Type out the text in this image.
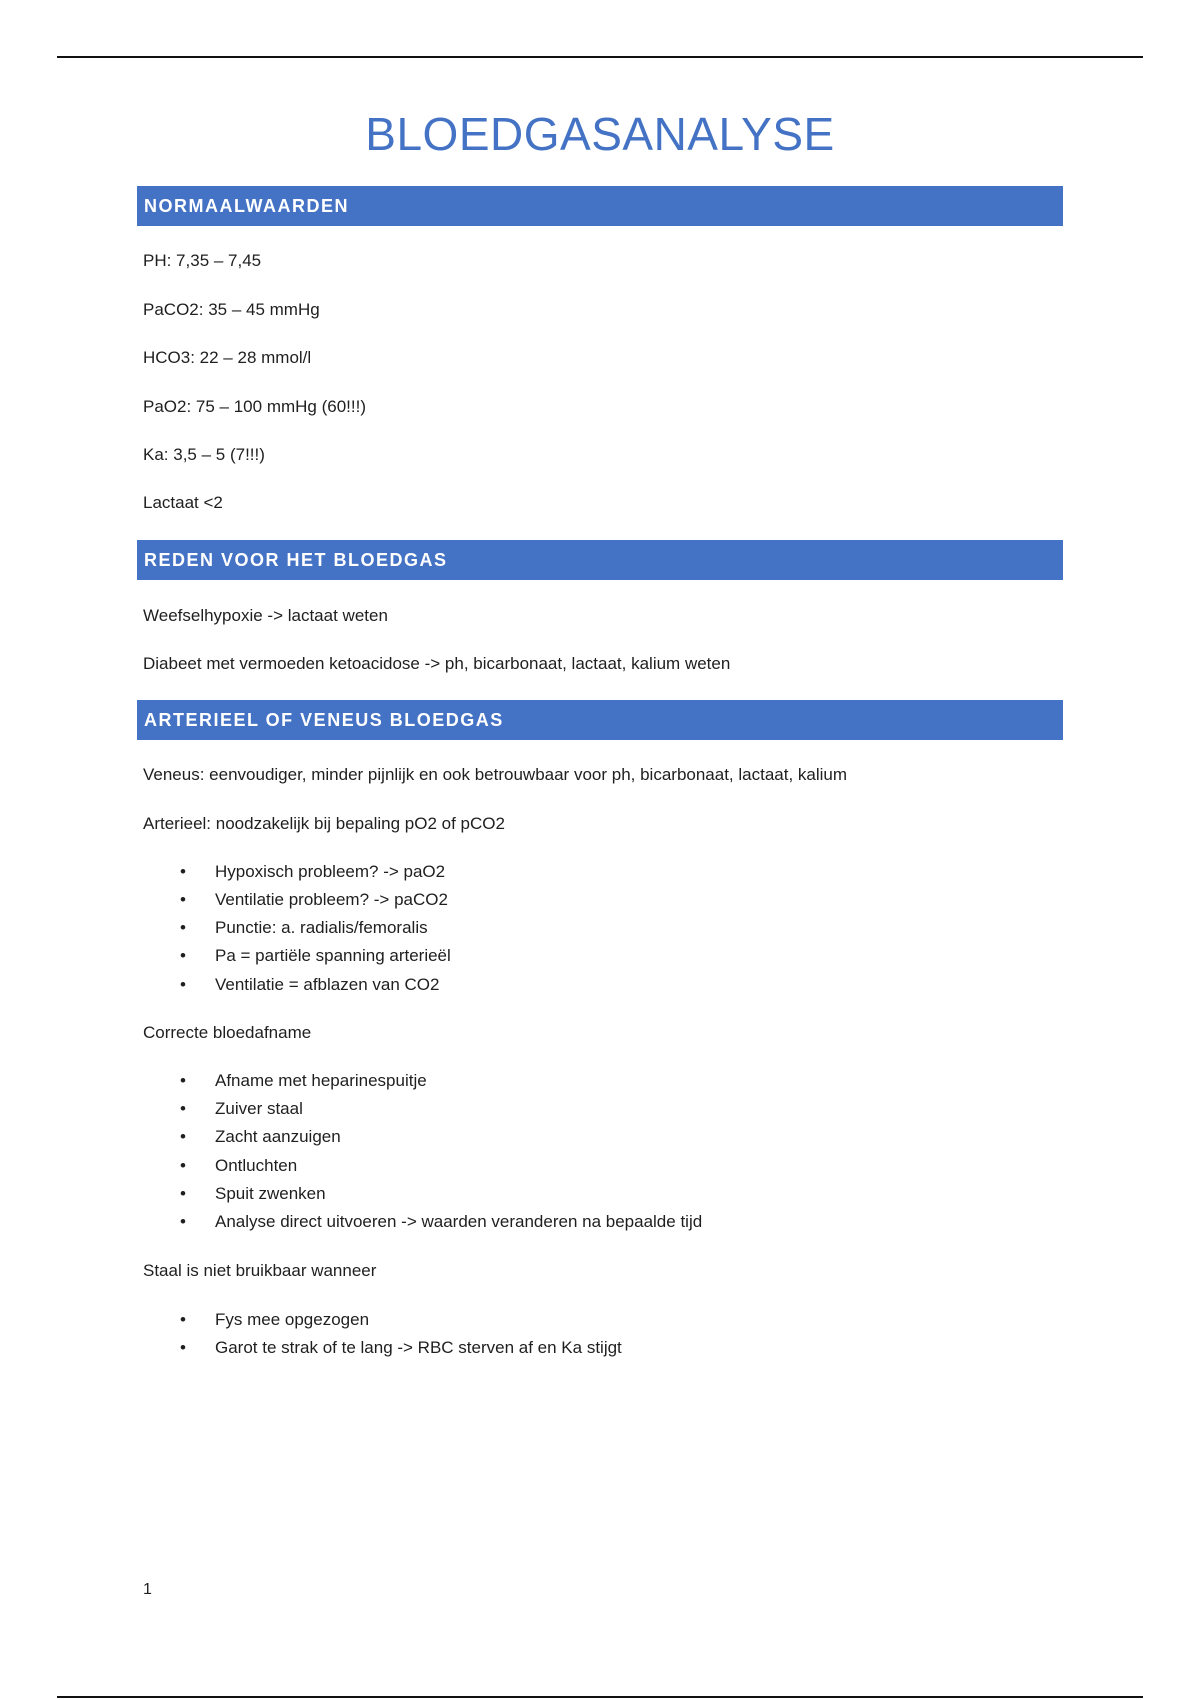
BLOEDGASANALYSE
NORMAALWAARDEN
PH: 7,35 – 7,45
PaCO2: 35 – 45 mmHg
HCO3: 22 – 28 mmol/l
PaO2: 75 – 100 mmHg (60!!!)
Ka: 3,5 – 5 (7!!!)
Lactaat <2
REDEN VOOR HET BLOEDGAS
Weefselhypoxie -> lactaat weten
Diabeet met vermoeden ketoacidose -> ph, bicarbonaat, lactaat, kalium weten
ARTERIEEL OF VENEUS BLOEDGAS
Veneus: eenvoudiger, minder pijnlijk en ook betrouwbaar voor ph, bicarbonaat, lactaat, kalium
Arterieel: noodzakelijk bij bepaling pO2 of pCO2
• Hypoxisch probleem? -> paO2
• Ventilatie probleem? -> paCO2
• Punctie: a. radialis/femoralis
• Pa = partiële spanning arterieël
• Ventilatie = afblazen van CO2
Correcte bloedafname
• Afname met heparinespuitje
• Zuiver staal
• Zacht aanzuigen
• Ontluchten
• Spuit zwenken
• Analyse direct uitvoeren -> waarden veranderen na bepaalde tijd
Staal is niet bruikbaar wanneer
• Fys mee opgezogen
• Garot te strak of te lang -> RBC sterven af en Ka stijgt
1
